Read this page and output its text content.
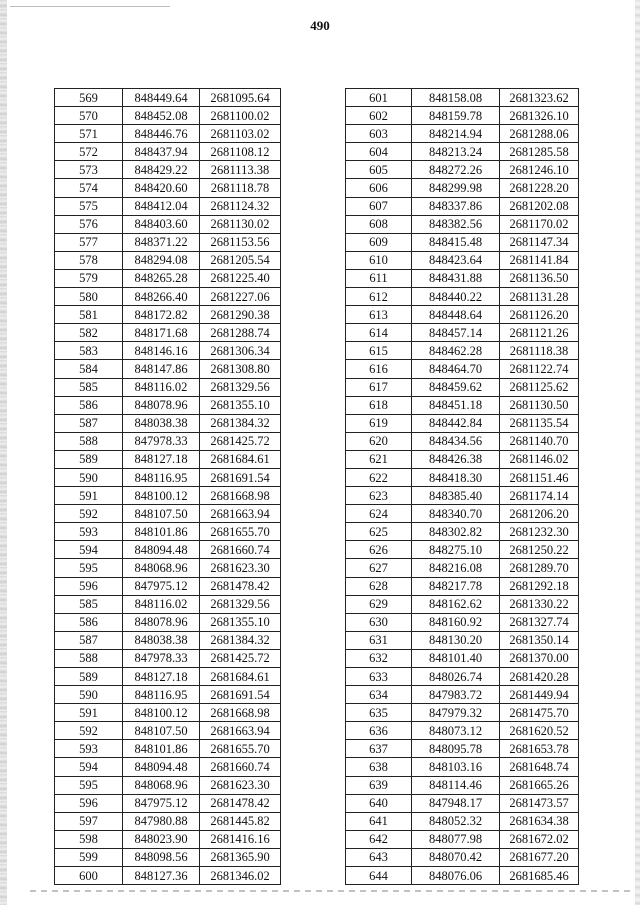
490
569	848449.64	2681095.64
570	848452.08	2681100.02
571	848446.76	2681103.02
572	848437.94	2681108.12
573	848429.22	2681113.38
574	848420.60	2681118.78
575	848412.04	2681124.32
576	848403.60	2681130.02
577	848371.22	2681153.56
578	848294.08	2681205.54
579	848265.28	2681225.40
580	848266.40	2681227.06
581	848172.82	2681290.38
582	848171.68	2681288.74
583	848146.16	2681306.34
584	848147.86	2681308.80
585	848116.02	2681329.56
586	848078.96	2681355.10
587	848038.38	2681384.32
588	847978.33	2681425.72
589	848127.18	2681684.61
590	848116.95	2681691.54
591	848100.12	2681668.98
592	848107.50	2681663.94
593	848101.86	2681655.70
594	848094.48	2681660.74
595	848068.96	2681623.30
596	847975.12	2681478.42
585	848116.02	2681329.56
586	848078.96	2681355.10
587	848038.38	2681384.32
588	847978.33	2681425.72
589	848127.18	2681684.61
590	848116.95	2681691.54
591	848100.12	2681668.98
592	848107.50	2681663.94
593	848101.86	2681655.70
594	848094.48	2681660.74
595	848068.96	2681623.30
596	847975.12	2681478.42
597	847980.88	2681445.82
598	848023.90	2681416.16
599	848098.56	2681365.90
600	848127.36	2681346.02
601	848158.08	2681323.62
602	848159.78	2681326.10
603	848214.94	2681288.06
604	848213.24	2681285.58
605	848272.26	2681246.10
606	848299.98	2681228.20
607	848337.86	2681202.08
608	848382.56	2681170.02
609	848415.48	2681147.34
610	848423.64	2681141.84
611	848431.88	2681136.50
612	848440.22	2681131.28
613	848448.64	2681126.20
614	848457.14	2681121.26
615	848462.28	2681118.38
616	848464.70	2681122.74
617	848459.62	2681125.62
618	848451.18	2681130.50
619	848442.84	2681135.54
620	848434.56	2681140.70
621	848426.38	2681146.02
622	848418.30	2681151.46
623	848385.40	2681174.14
624	848340.70	2681206.20
625	848302.82	2681232.30
626	848275.10	2681250.22
627	848216.08	2681289.70
628	848217.78	2681292.18
629	848162.62	2681330.22
630	848160.92	2681327.74
631	848130.20	2681350.14
632	848101.40	2681370.00
633	848026.74	2681420.28
634	847983.72	2681449.94
635	847979.32	2681475.70
636	848073.12	2681620.52
637	848095.78	2681653.78
638	848103.16	2681648.74
639	848114.46	2681665.26
640	847948.17	2681473.57
641	848052.32	2681634.38
642	848077.98	2681672.02
643	848070.42	2681677.20
644	848076.06	2681685.46
